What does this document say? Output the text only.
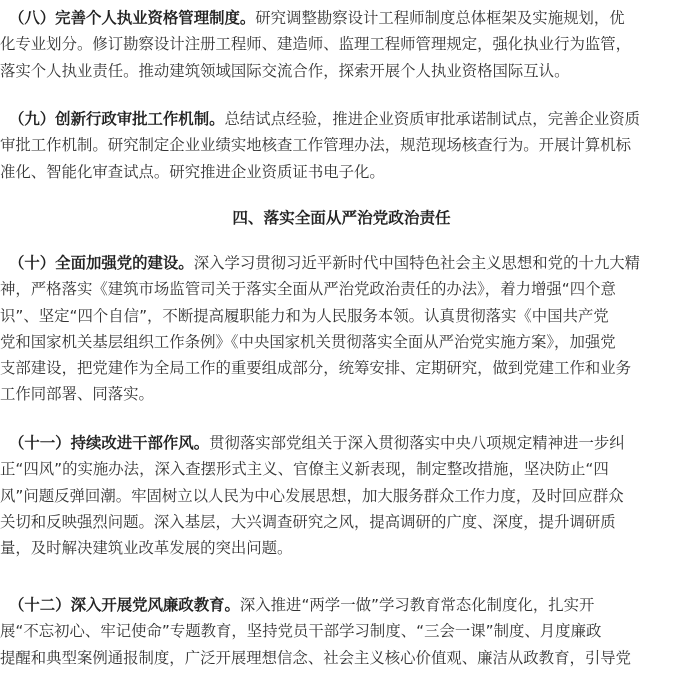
（八）完善个人执业资格管理制度。研究调整勘察设计工程师制度总体框架及实施规划，优
化专业划分。修订勘察设计注册工程师、建造师、监理工程师管理规定，强化执业行为监管，
落实个人执业责任。推动建筑领域国际交流合作，探索开展个人执业资格国际互认。
（九）创新行政审批工作机制。总结试点经验，推进企业资质审批承诺制试点，完善企业资质
审批工作机制。研究制定企业业绩实地核查工作管理办法，规范现场核查行为。开展计算机标
准化、智能化审查试点。研究推进企业资质证书电子化。
四、落实全面从严治党政治责任
（十）全面加强党的建设。深入学习贯彻习近平新时代中国特色社会主义思想和党的十九大精
神，严格落实《建筑市场监管司关于落实全面从严治党政治责任的办法》，着力增强“四个意
识”、坚定“四个自信”，不断提高履职能力和为人民服务本领。认真贯彻落实《中国共产党
党和国家机关基层组织工作条例》《中央国家机关贯彻落实全面从严治党实施方案》，加强党
支部建设，把党建作为全局工作的重要组成部分，统筹安排、定期研究，做到党建工作和业务
工作同部署、同落实。
（十一）持续改进干部作风。贯彻落实部党组关于深入贯彻落实中央八项规定精神进一步纠
正“四风”的实施办法，深入查摆形式主义、官僚主义新表现，制定整改措施，坚决防止“四
风”问题反弹回潮。牢固树立以人民为中心发展思想，加大服务群众工作力度，及时回应群众
关切和反映强烈问题。深入基层，大兴调查研究之风，提高调研的广度、深度，提升调研质
量，及时解决建筑业改革发展的突出问题。
（十二）深入开展党风廉政教育。深入推进“两学一做”学习教育常态化制度化，扎实开
展“不忘初心、牢记使命”专题教育，坚持党员干部学习制度、“三会一课”制度、月度廉政
提醒和典型案例通报制度，广泛开展理想信念、社会主义核心价值观、廉洁从政教育，引导党
